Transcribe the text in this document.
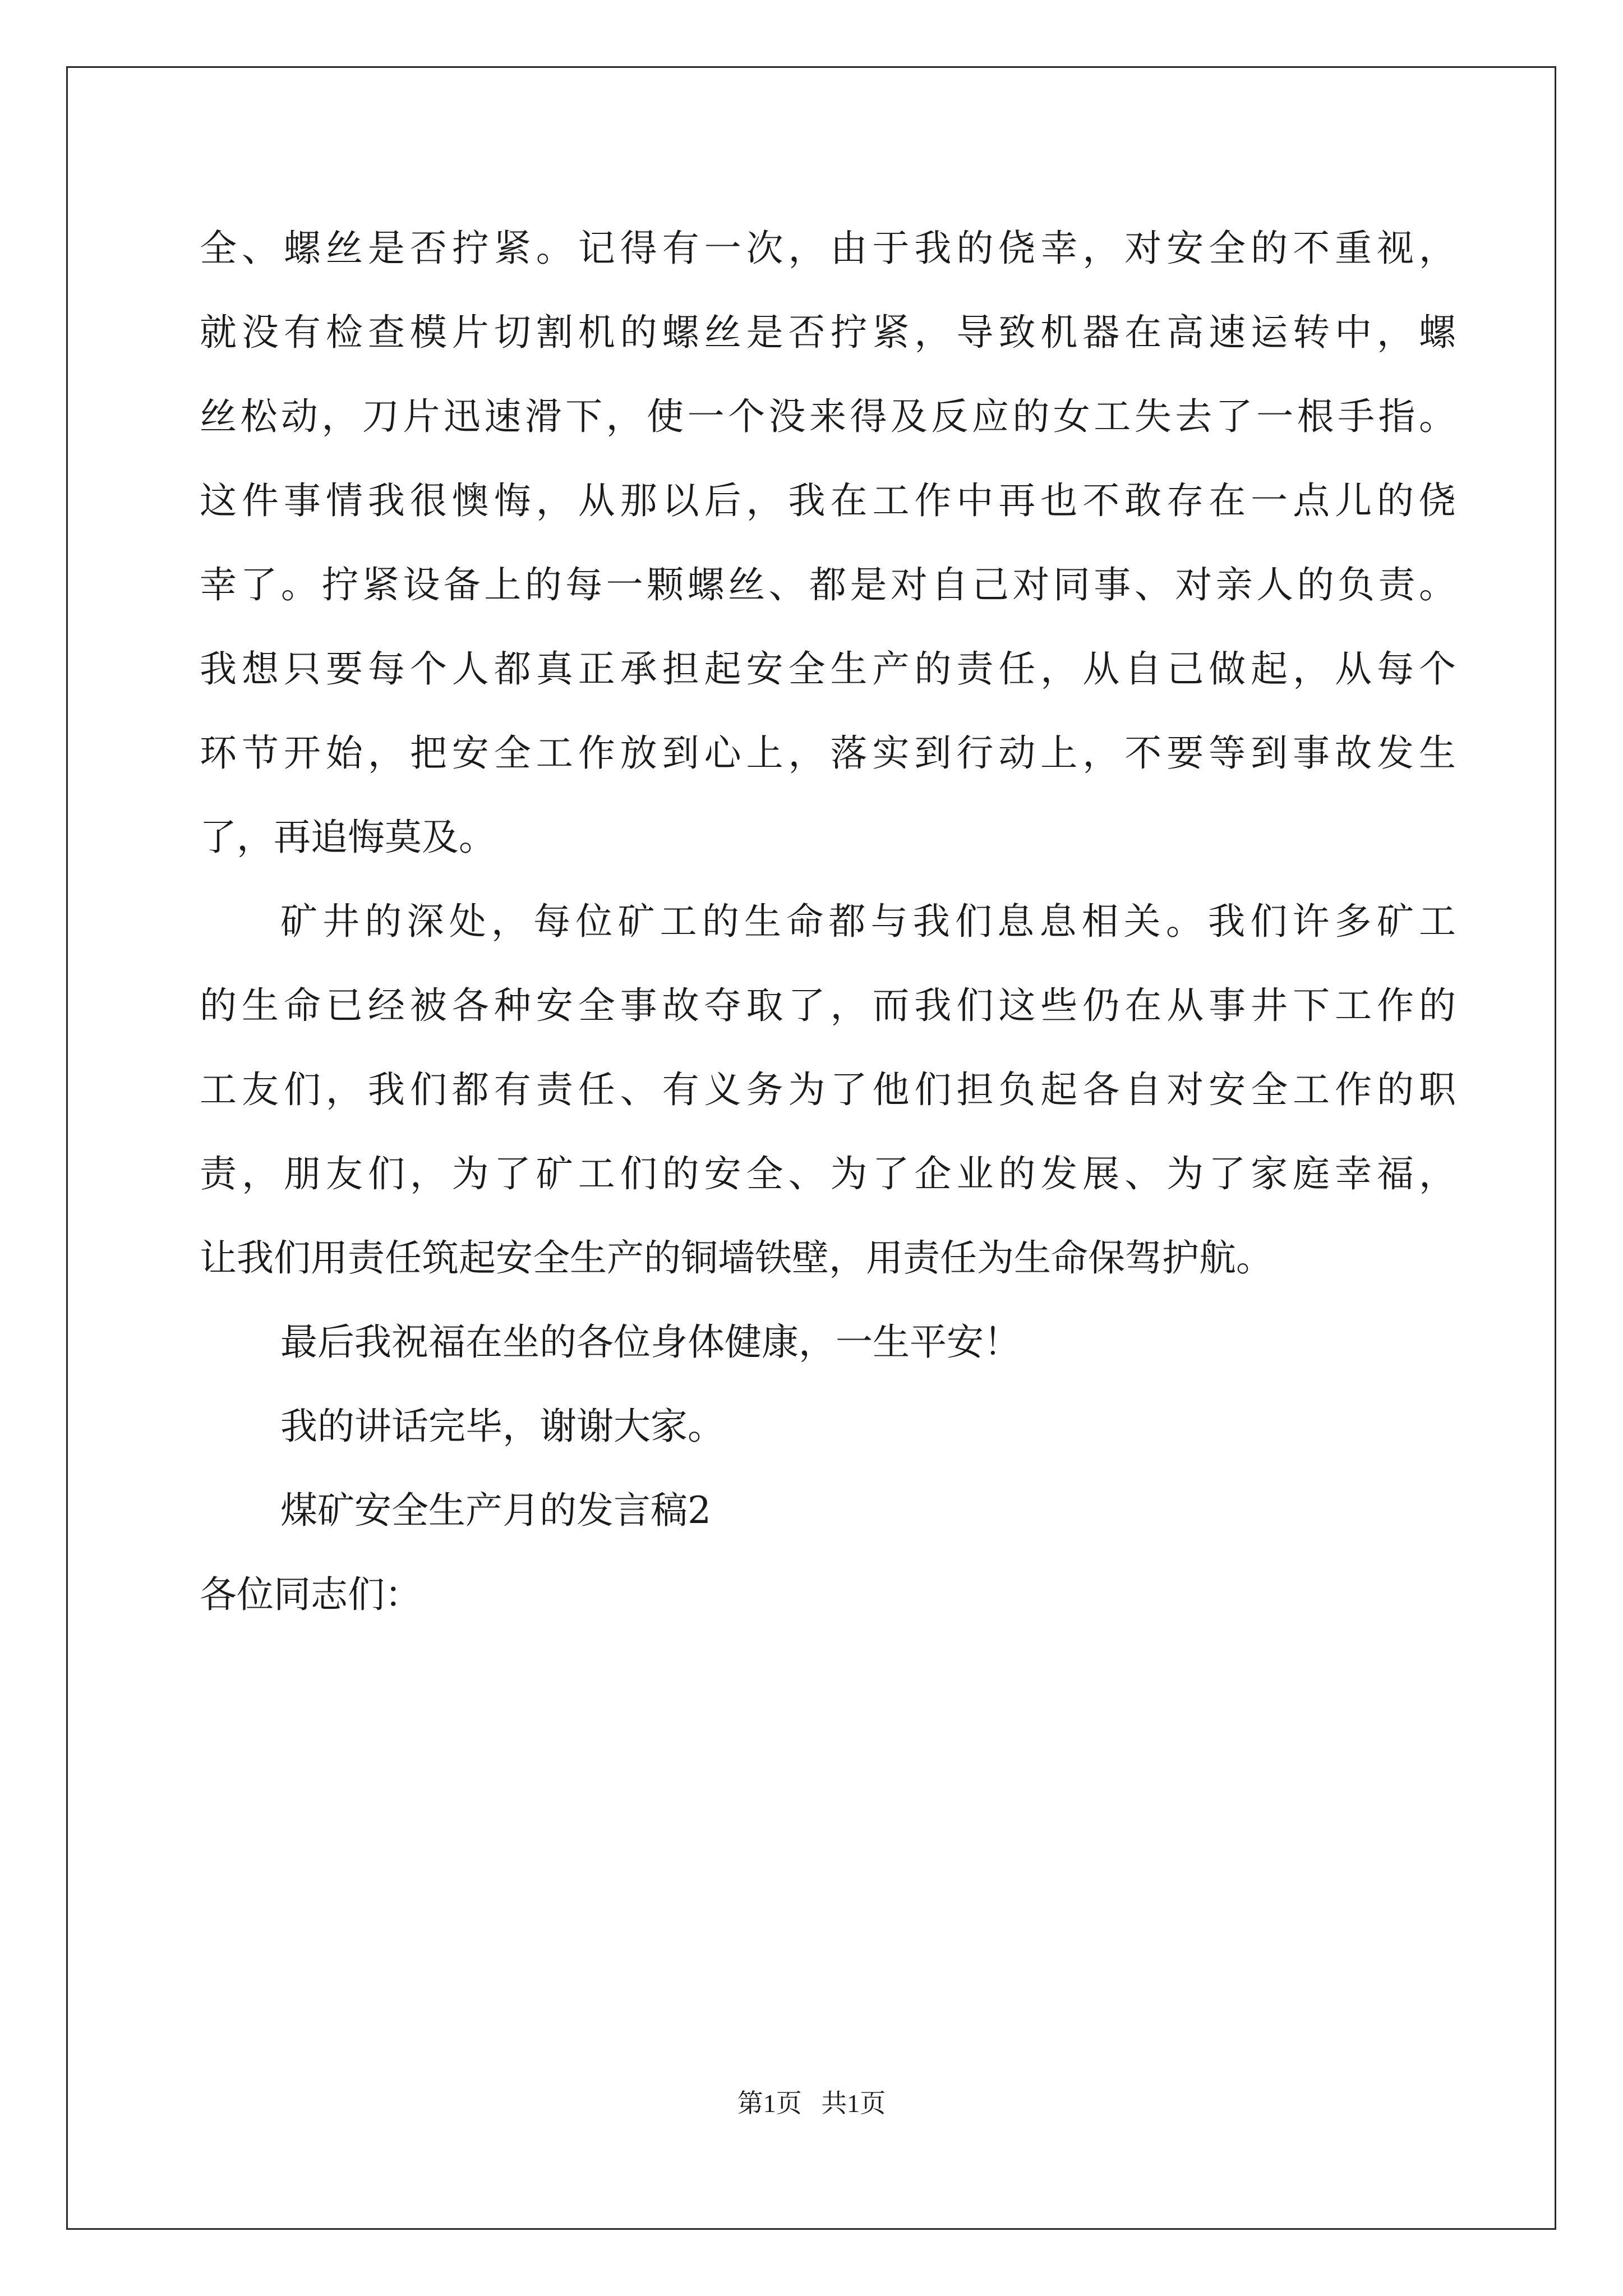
全、螺丝是否拧紧。记得有一次，由于我的侥幸，对安全的不重视，
就没有检查模片切割机的螺丝是否拧紧，导致机器在高速运转中，螺
丝松动，刀片迅速滑下，使一个没来得及反应的女工失去了一根手指。
这件事情我很懊悔，从那以后，我在工作中再也不敢存在一点儿的侥
幸了。拧紧设备上的每一颗螺丝、都是对自己对同事、对亲人的负责。
我想只要每个人都真正承担起安全生产的责任，从自己做起，从每个
环节开始，把安全工作放到心上，落实到行动上，不要等到事故发生
了，再追悔莫及。
矿井的深处，每位矿工的生命都与我们息息相关。我们许多矿工
的生命已经被各种安全事故夺取了，而我们这些仍在从事井下工作的
工友们，我们都有责任、有义务为了他们担负起各自对安全工作的职
责，朋友们，为了矿工们的安全、为了企业的发展、为了家庭幸福，
让我们用责任筑起安全生产的铜墙铁壁，用责任为生命保驾护航。
最后我祝福在坐的各位身体健康，一生平安！
我的讲话完毕，谢谢大家。
煤矿安全生产月的发言稿2
各位同志们：
第1页 共1页
